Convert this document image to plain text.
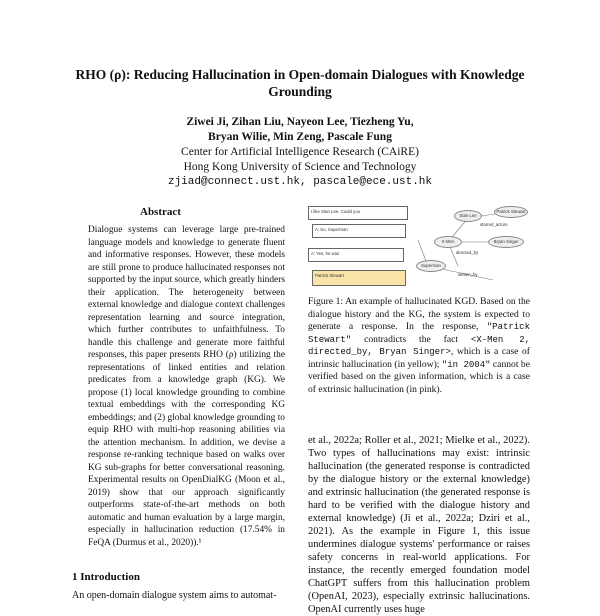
RHO (ρ): Reducing Hallucination in Open-domain Dialogues with Knowledge Grounding
Ziwei Ji, Zihan Liu, Nayeon Lee, Tiezheng Yu,
Bryan Wilie, Min Zeng, Pascale Fung
Center for Artificial Intelligence Research (CAiRE)
Hong Kong University of Science and Technology
zjiad@connect.ust.hk, pascale@ece.ust.hk
Abstract
Dialogue systems can leverage large pre-trained language models and knowledge to generate fluent and informative responses. However, these models are still prone to produce hallucinated responses not supported by the input source, which greatly hinders their application. The heterogeneity between external knowledge and dialogue context challenges representation learning and source integration, which further contributes to unfaithfulness. To handle this challenge and generate more faithful responses, this paper presents RHO (ρ) utilizing the representations of linked entities and relation predicates from a knowledge graph (KG). We propose (1) local knowledge grounding to combine textual embeddings with the corresponding KG embeddings; and (2) global knowledge grounding to equip RHO with multi-hop reasoning abilities via the attention mechanism. In addition, we devise a response re-ranking technique based on walks over KG sub-graphs for better conversational reasoning. Experimental results on OpenDialKG (Moon et al., 2019) show that our approach significantly outperforms state-of-the-art methods on both automatic and human evaluation by a large margin, especially in hallucination reduction (17.54% in FeQA (Durmus et al., 2020)).¹
1 Introduction
An open-domain dialogue system aims to automat-
I like Stan Lee. Could you
A: So, Superman
A: Yes, he was
Patrick Stewart
Stan Lee
X-Men
Patrick Stewart
Bryan Singer
Superman
directed_by
starred_actors
written_by
Figure 1: An example of hallucinated KGD. Based on the dialogue history and the KG, the system is expected to generate a response. In the response, "Patrick Stewart" contradicts the fact <X-Men 2, directed_by, Bryan Singer>, which is a case of intrinsic hallucination (in yellow); "in 2004" cannot be verified based on the given information, which is a case of extrinsic hallucination (in pink).
et al., 2022a; Roller et al., 2021; Mielke et al., 2022). Two types of hallucinations may exist: intrinsic hallucination (the generated response is contradicted by the dialogue history or the external knowledge) and extrinsic hallucination (the generated response is hard to be verified with the dialogue history and external knowledge) (Ji et al., 2022a; Dziri et al., 2021). As the example in Figure 1, this issue undermines dialogue systems' performance or raises safety concerns in real-world applications. For instance, the recently emerged foundation model ChatGPT suffers from this hallucination problem (OpenAI, 2023), especially extrinsic hallucinations. OpenAI currently uses huge
